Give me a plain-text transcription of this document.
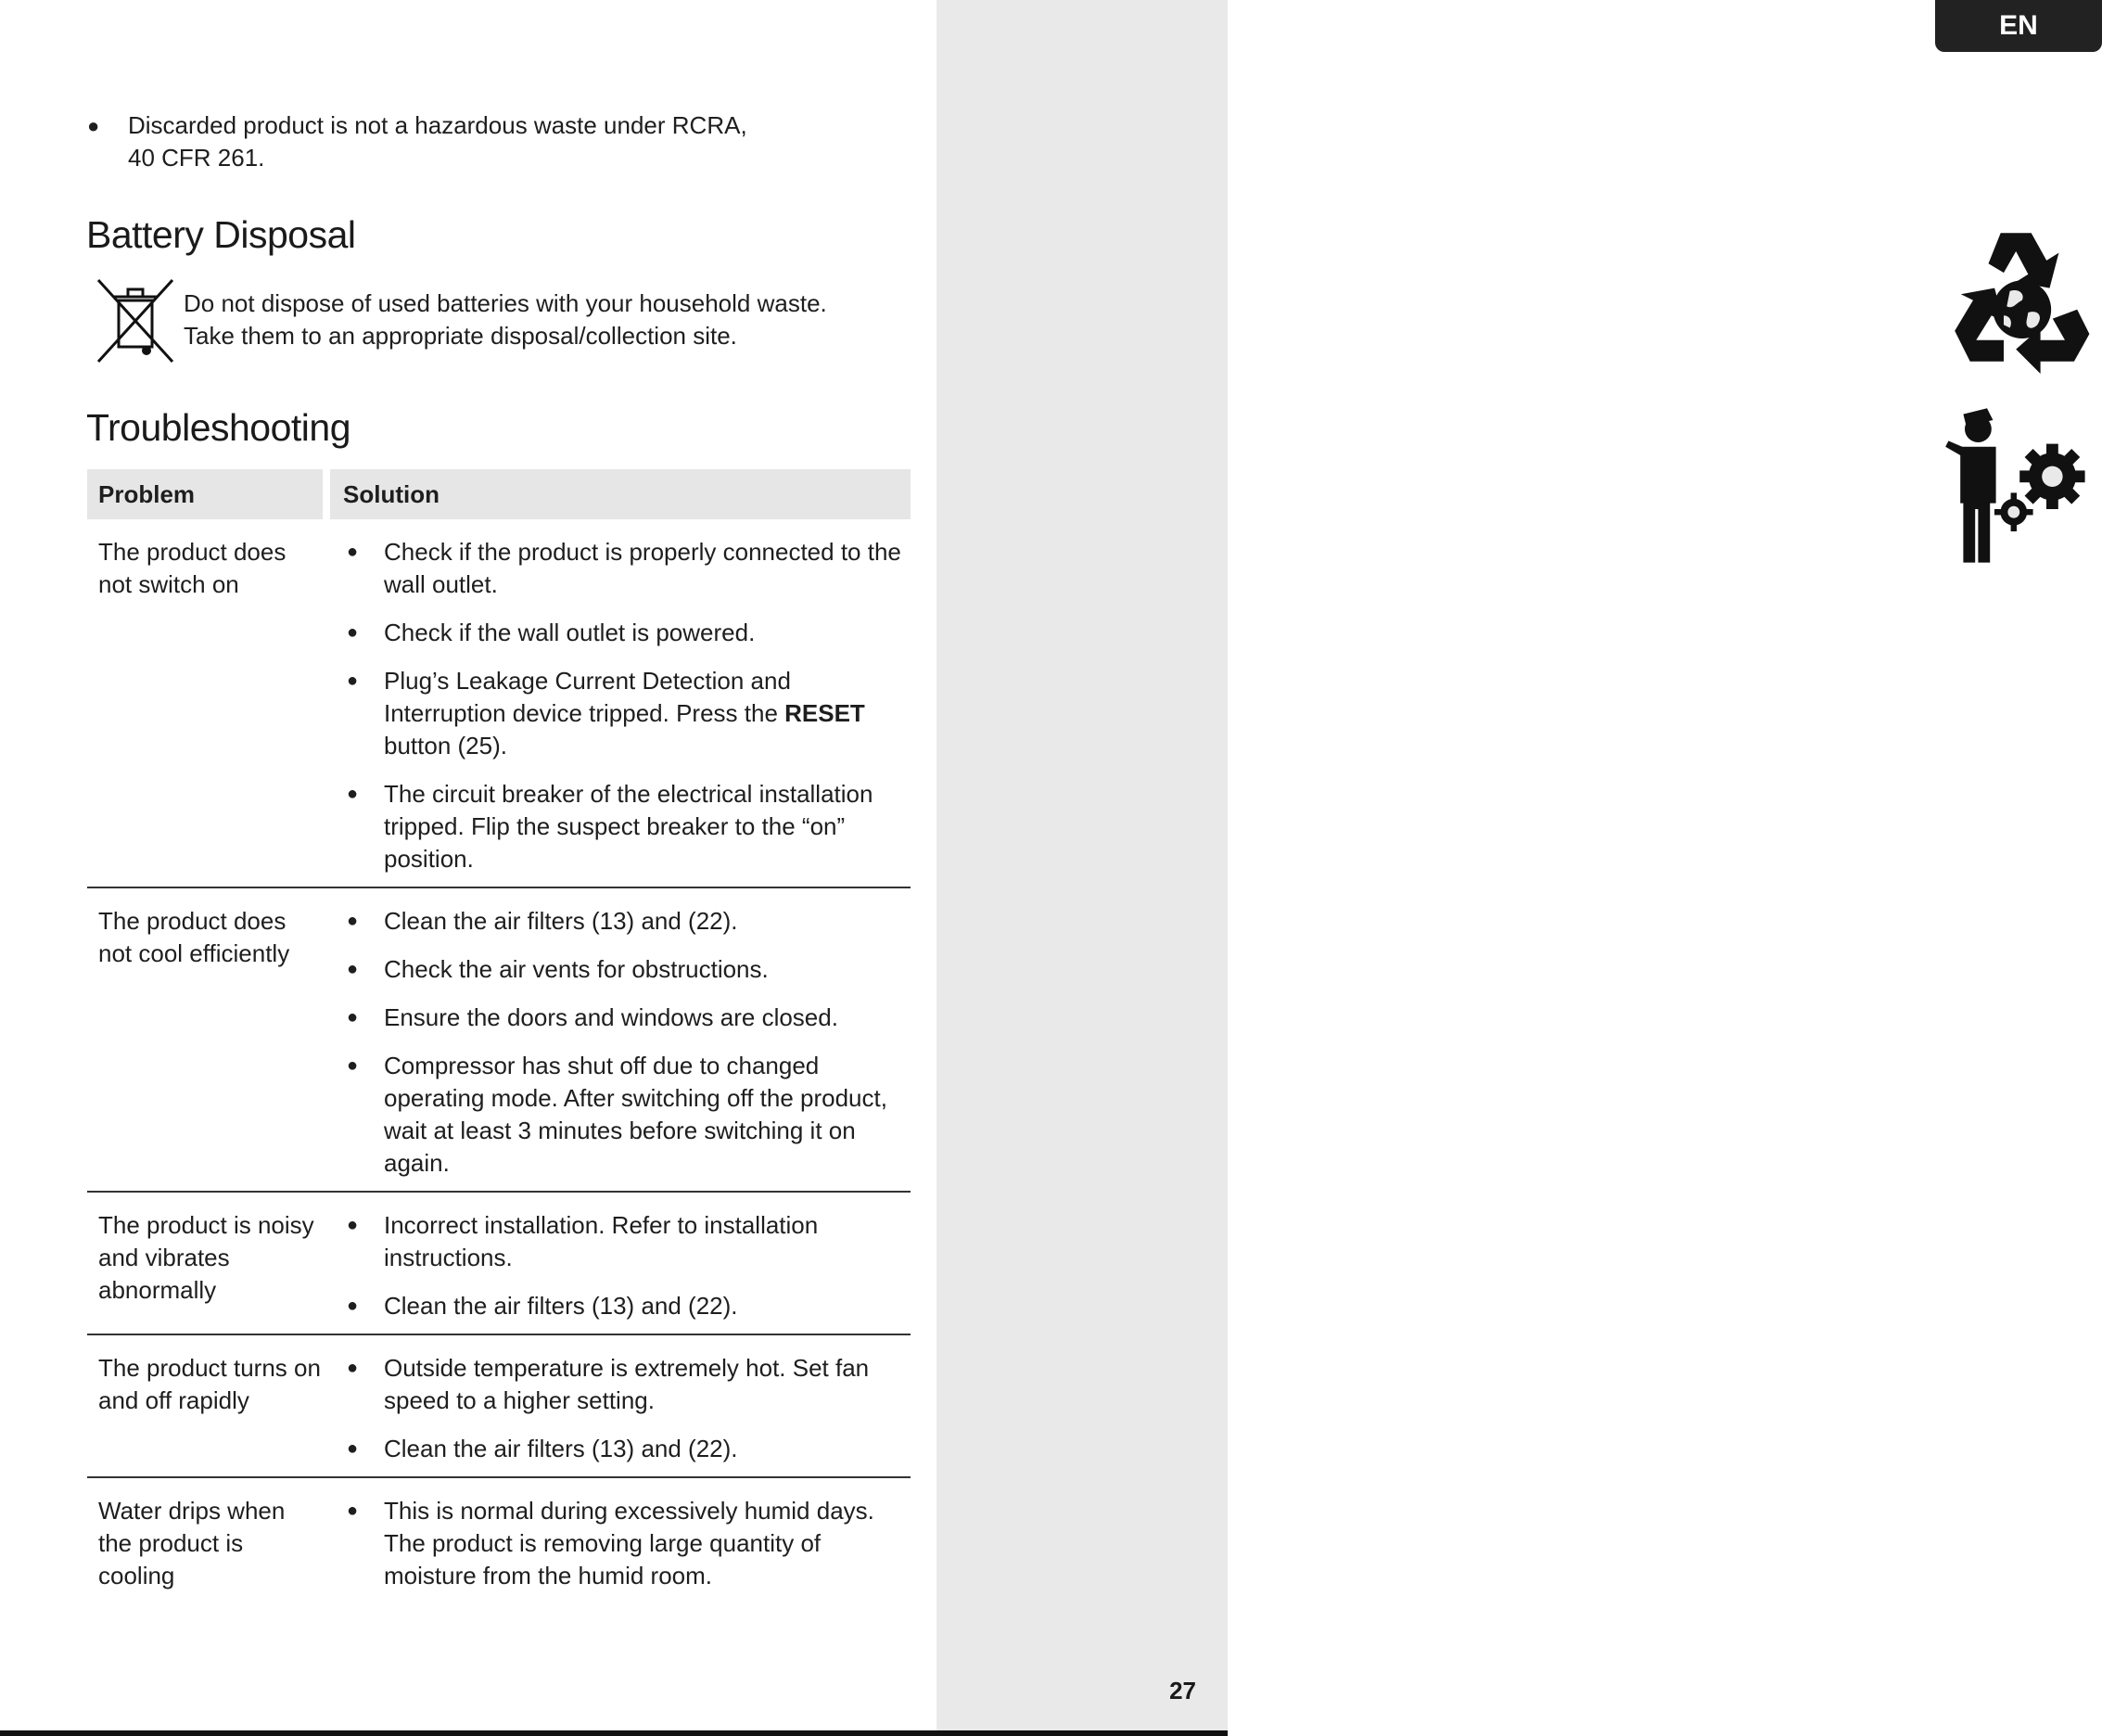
EN
27
●	Discarded product is not a hazardous waste under RCRA,
40 CFR 261.
Battery Disposal
Do not dispose of used batteries with your household waste.
Take them to an appropriate disposal/collection site.
Troubleshooting
Problem	Solution
The product does not switch on
●	Check if the product is properly connected to the wall outlet.
●	Check if the wall outlet is powered.
●	Plug’s Leakage Current Detection and Interruption device tripped. Press the RESET button (25).
●	The circuit breaker of the electrical installation tripped. Flip the suspect breaker to the “on” position.
The product does not cool efficiently
●	Clean the air filters (13) and (22).
●	Check the air vents for obstructions.
●	Ensure the doors and windows are closed.
●	Compressor has shut off due to changed operating mode. After switching off the product, wait at least 3 minutes before switching it on again.
The product is noisy and vibrates abnormally
●	Incorrect installation. Refer to installation instructions.
●	Clean the air filters (13) and (22).
The product turns on and off rapidly
●	Outside temperature is extremely hot. Set fan speed to a higher setting.
●	Clean the air filters (13) and (22).
Water drips when the product is cooling
●	This is normal during excessively humid days. The product is removing large quantity of moisture from the humid room.
